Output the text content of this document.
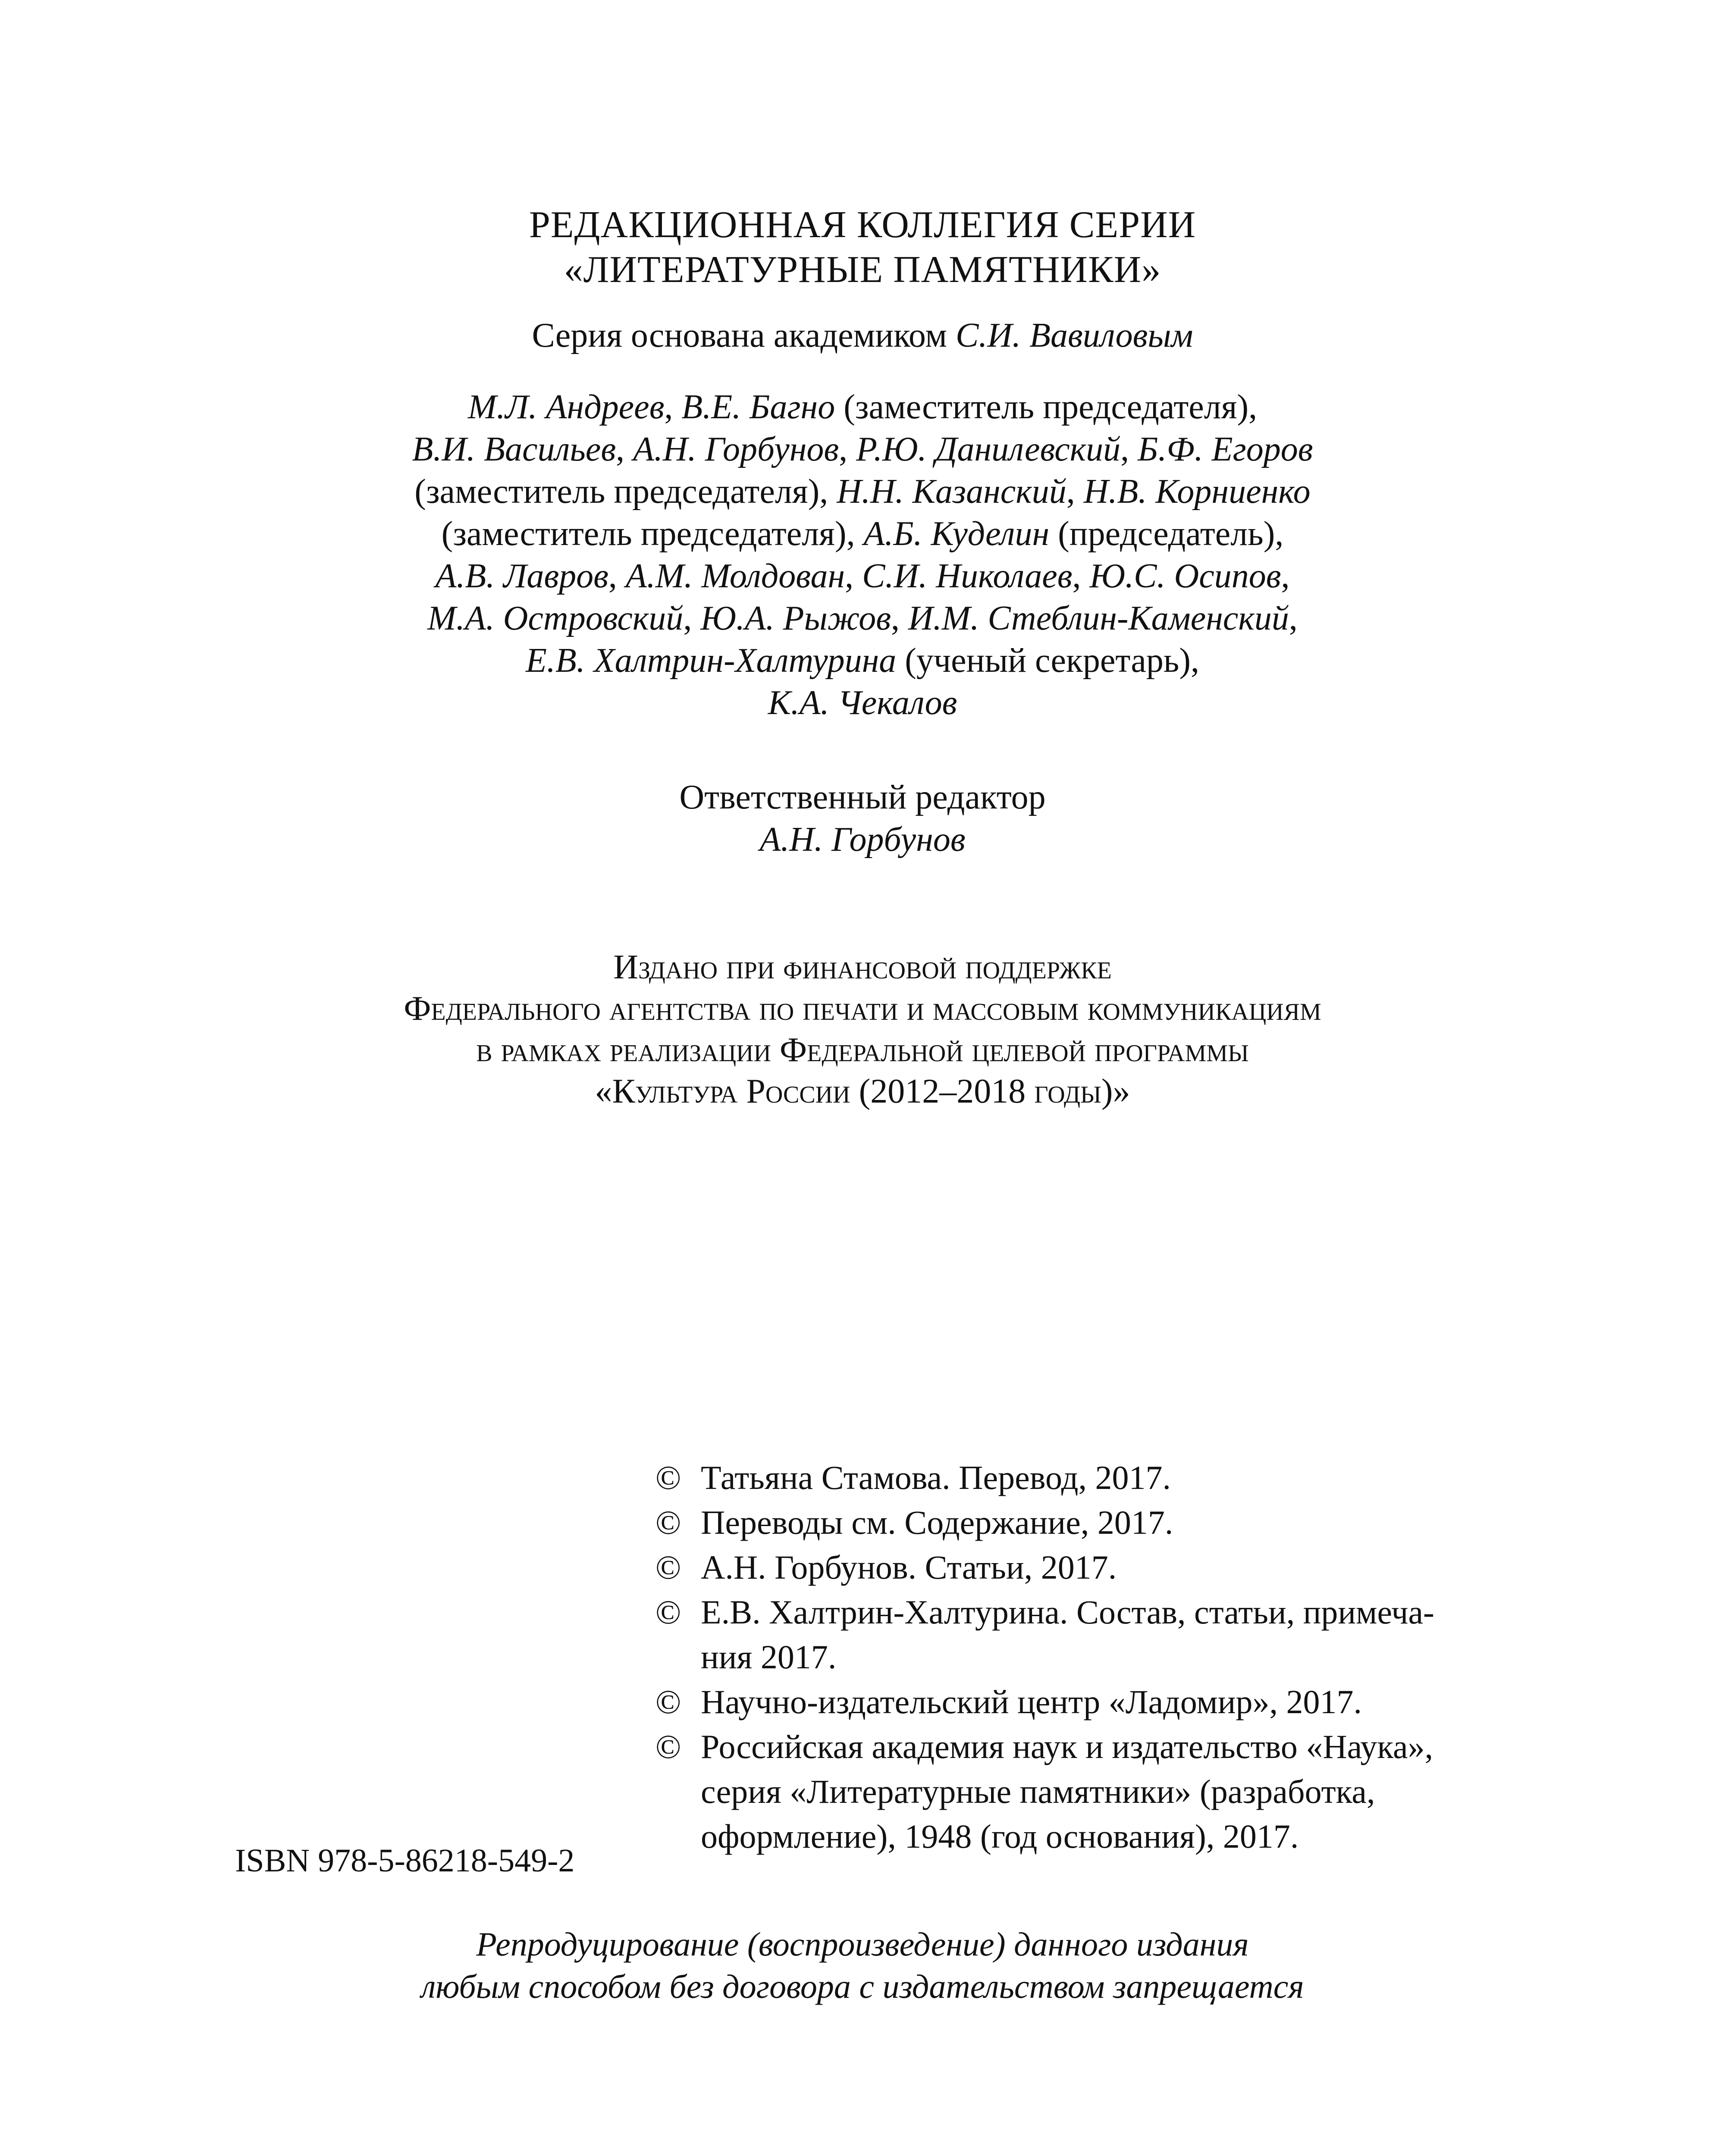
РЕДАКЦИОННАЯ КОЛЛЕГИЯ СЕРИИ
«ЛИТЕРАТУРНЫЕ ПАМЯТНИКИ»
Серия основана академиком С.И. Вавиловым
М.Л. Андреев, В.Е. Багно (заместитель председателя),
В.И. Васильев, А.Н. Горбунов, Р.Ю. Данилевский, Б.Ф. Егоров
(заместитель председателя), Н.Н. Казанский, Н.В. Корниенко
(заместитель председателя), А.Б. Куделин (председатель),
А.В. Лавров, А.М. Молдован, С.И. Николаев, Ю.С. Осипов,
М.А. Островский, Ю.А. Рыжов, И.М. Стеблин-Каменский,
Е.В. Халтрин-Халтурина (ученый секретарь),
К.А. Чекалов
Ответственный редактор
А.Н. Горбунов
Издано при финансовой поддержке
Федерального агентства по печати и массовым коммуникациям
в рамках реализации Федеральной целевой программы
«Культура России (2012–2018 годы)»
© Татьяна Стамова. Перевод, 2017.
© Переводы см. Содержание, 2017.
© А.Н. Горбунов. Статьи, 2017.
© Е.В. Халтрин-Халтурина. Состав, статьи, примеча-
ния 2017.
© Научно-издательский центр «Ладомир», 2017.
© Российская академия наук и издательство «Наука»,
серия «Литературные памятники» (разработка,
оформление), 1948 (год основания), 2017.
ISBN 978-5-86218-549-2
Репродуцирование (воспроизведение) данного издания
любым способом без договора с издательством запрещается
